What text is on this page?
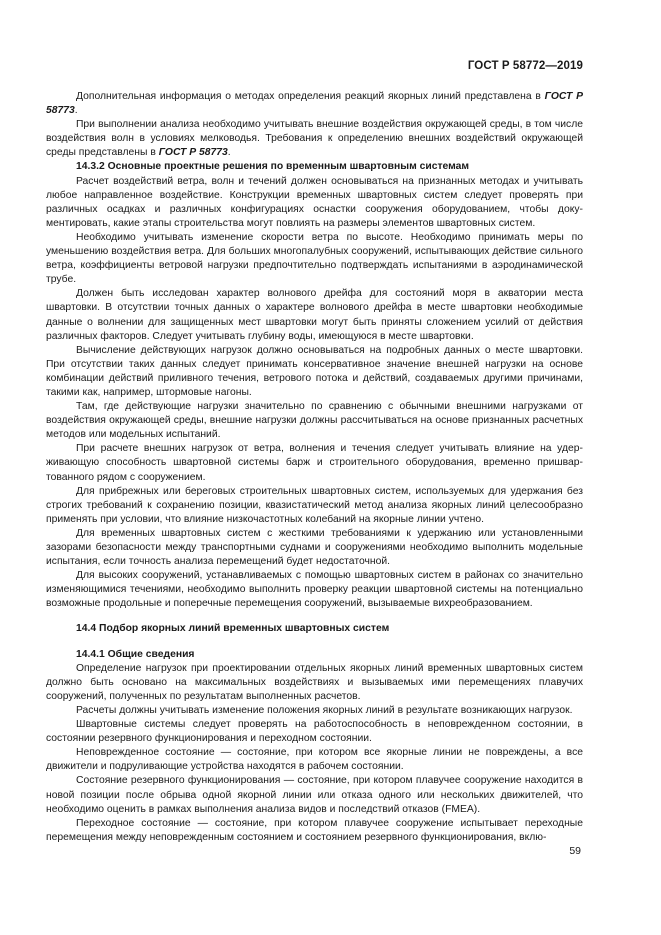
ГОСТ Р 58772—2019

Дополнительная информация о методах определения реакций якорных линий представлена в ГОСТ Р 58773.

При выполнении анализа необходимо учитывать внешние воздействия окружающей среды, в том числе воздействия волн в условиях мелководья. Требования к определению внешних воздействий окружающей среды представлены в ГОСТ Р 58773.

14.3.2 Основные проектные решения по временным швартовным системам

Расчет воздействий ветра, волн и течений должен основываться на признанных методах и учитывать любое направленное воздействие. Конструкции временных швартовных систем следует проверять при различных осадках и различных конфигурациях оснастки сооружения оборудованием, чтобы документировать, какие этапы строительства могут повлиять на размеры элементов швартовных систем.

Необходимо учитывать изменение скорости ветра по высоте. Необходимо принимать меры по уменьшению воздействия ветра. Для больших многопалубных сооружений, испытывающих действие сильного ветра, коэффициенты ветровой нагрузки предпочтительно подтверждать испытаниями в аэродинамической трубе.

Должен быть исследован характер волнового дрейфа для состояний моря в акватории места швартовки. В отсутствии точных данных о характере волнового дрейфа в месте швартовки необходимые данные о волнении для защищенных мест швартовки могут быть приняты сложением усилий от действия различных факторов. Следует учитывать глубину воды, имеющуюся в месте швартовки.

Вычисление действующих нагрузок должно основываться на подробных данных о месте швартовки. При отсутствии таких данных следует принимать консервативное значение внешней нагрузки на основе комбинации действий приливного течения, ветрового потока и действий, создаваемых другими причинами, такими как, например, штормовые нагоны.

Там, где действующие нагрузки значительно по сравнению с обычными внешними нагрузками от воздействия окружающей среды, внешние нагрузки должны рассчитываться на основе признанных расчетных методов или модельных испытаний.

При расчете внешних нагрузок от ветра, волнения и течения следует учитывать влияние на удерживающую способность швартовной системы барж и строительного оборудования, временно пришвартованного рядом с сооружением.

Для прибрежных или береговых строительных швартовных систем, используемых для удержания без строгих требований к сохранению позиции, квазистатический метод анализа якорных линий целесообразно применять при условии, что влияние низкочастотных колебаний на якорные линии учтено.

Для временных швартовных систем с жесткими требованиями к удержанию или установленными зазорами безопасности между транспортными суднами и сооружениями необходимо выполнить модельные испытания, если точность анализа перемещений будет недостаточной.

Для высоких сооружений, устанавливаемых с помощью швартовных систем в районах со значительно изменяющимися течениями, необходимо выполнить проверку реакции швартовной системы на потенциально возможные продольные и поперечные перемещения сооружений, вызываемые вихреобразованием.

14.4 Подбор якорных линий временных швартовных систем

14.4.1 Общие сведения

Определение нагрузок при проектировании отдельных якорных линий временных швартовных систем должно быть основано на максимальных воздействиях и вызываемых ими перемещениях плавучих сооружений, полученных по результатам выполненных расчетов.

Расчеты должны учитывать изменение положения якорных линий в результате возникающих нагрузок.

Швартовные системы следует проверять на работоспособность в неповрежденном состоянии, в состоянии резервного функционирования и переходном состоянии.

Неповрежденное состояние — состояние, при котором все якорные линии не повреждены, а все движители и подруливающие устройства находятся в рабочем состоянии.

Состояние резервного функционирования — состояние, при котором плавучее сооружение находится в новой позиции после обрыва одной якорной линии или отказа одного или нескольких движителей, что необходимо оценить в рамках выполнения анализа видов и последствий отказов (FMEA).

Переходное состояние — состояние, при котором плавучее сооружение испытывает переходные перемещения между неповрежденным состоянием и состоянием резервного функционирования, вклю-

59
